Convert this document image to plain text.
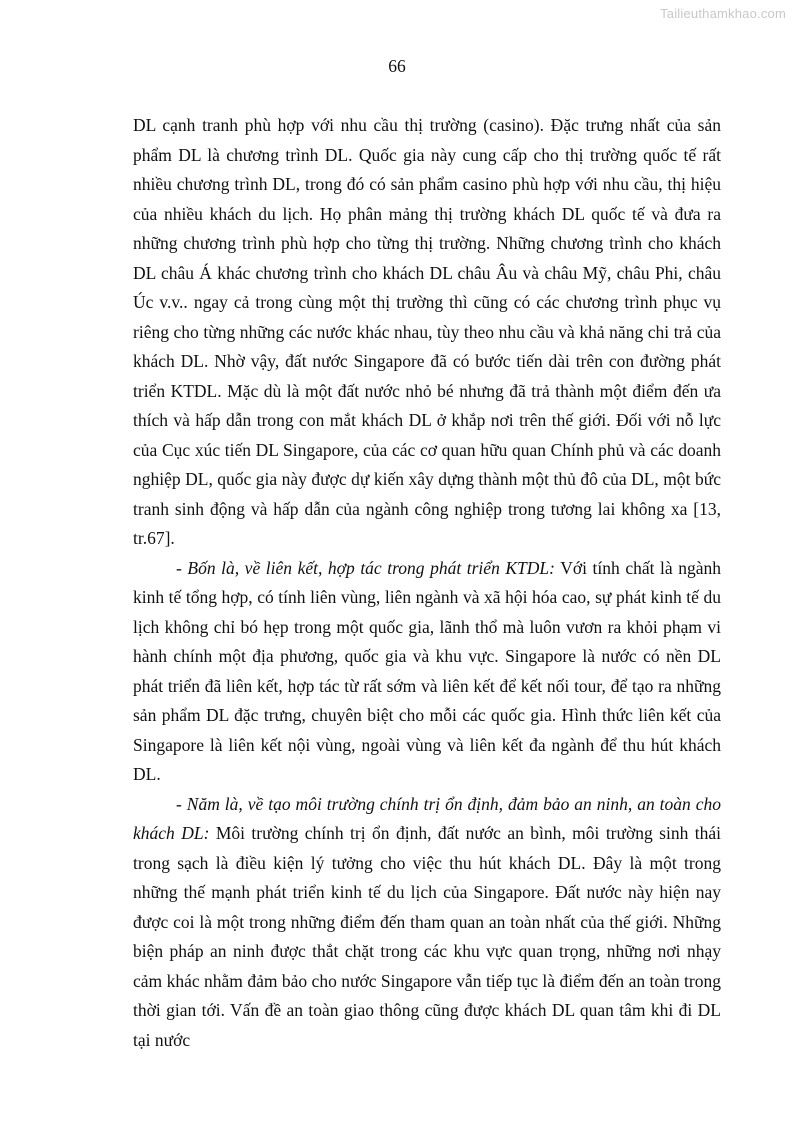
Tailieuthamkhao.com
66

DL cạnh tranh phù hợp với nhu cầu thị trường (casino). Đặc trưng nhất của sản phẩm DL là chương trình DL. Quốc gia này cung cấp cho thị trường quốc tế rất nhiều chương trình DL, trong đó có sản phẩm casino phù hợp với nhu cầu, thị hiệu của nhiều khách du lịch. Họ phân mảng thị trường khách DL quốc tế và đưa ra những chương trình phù hợp cho từng thị trường. Những chương trình cho khách DL châu Á khác chương trình cho khách DL châu Âu và châu Mỹ, châu Phi, châu Úc v.v.. ngay cả trong cùng một thị trường thì cũng có các chương trình phục vụ riêng cho từng những các nước khác nhau, tùy theo nhu cầu và khả năng chi trả của khách DL. Nhờ vậy, đất nước Singapore đã có bước tiến dài trên con đường phát triển KTDL. Mặc dù là một đất nước nhỏ bé nhưng đã trả thành một điểm đến ưa thích và hấp dẫn trong con mắt khách DL ở khắp nơi trên thế giới. Đối với nỗ lực của Cục xúc tiến DL Singapore, của các cơ quan hữu quan Chính phủ và các doanh nghiệp DL, quốc gia này được dự kiến xây dựng thành một thủ đô của DL, một bức tranh sinh động và hấp dẫn của ngành công nghiệp trong tương lai không xa [13, tr.67].

- Bốn là, về liên kết, hợp tác trong phát triển KTDL: Với tính chất là ngành kinh tế tổng hợp, có tính liên vùng, liên ngành và xã hội hóa cao, sự phát kinh tế du lịch không chỉ bó hẹp trong một quốc gia, lãnh thổ mà luôn vươn ra khỏi phạm vi hành chính một địa phương, quốc gia và khu vực. Singapore là nước có nền DL phát triển đã liên kết, hợp tác từ rất sớm và liên kết để kết nối tour, để tạo ra những sản phẩm DL đặc trưng, chuyên biệt cho mỗi các quốc gia. Hình thức liên kết của Singapore là liên kết nội vùng, ngoài vùng và liên kết đa ngành để thu hút khách DL.

- Năm là, về tạo môi trường chính trị ổn định, đảm bảo an ninh, an toàn cho khách DL: Môi trường chính trị ổn định, đất nước an bình, môi trường sinh thái trong sạch là điều kiện lý tưởng cho việc thu hút khách DL. Đây là một trong những thế mạnh phát triển kinh tế du lịch của Singapore. Đất nước này hiện nay được coi là một trong những điểm đến tham quan an toàn nhất của thế giới. Những biện pháp an ninh được thắt chặt trong các khu vực quan trọng, những nơi nhạy cảm khác nhằm đảm bảo cho nước Singapore vẫn tiếp tục là điểm đến an toàn trong thời gian tới. Vấn đề an toàn giao thông cũng được khách DL quan tâm khi đi DL tại nước
